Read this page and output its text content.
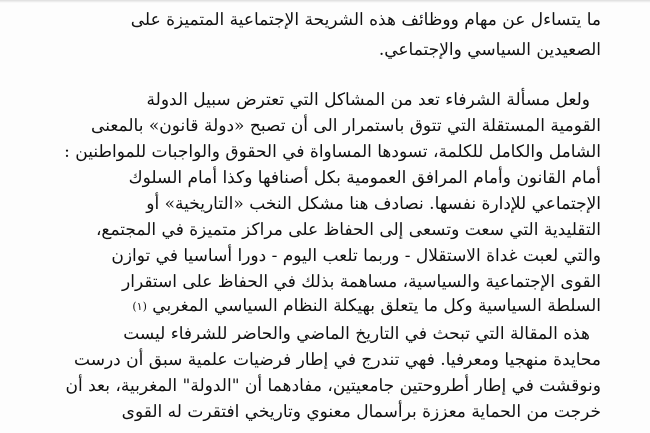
ما يتساءل عن مهام ووظائف هذه الشريحة الإجتماعية المتميزة على
الصعيدين السياسي والإجتماعي.
ولعل مسألة الشرفاء تعد من المشاكل التي تعترض سبيل الدولة
القومية المستقلة التي تتوق باستمرار الى أن تصبح «دولة قانون» بالمعنى
الشامل والكامل للكلمة، تسودها المساواة في الحقوق والواجبات للمواطنين :
أمام القانون وأمام المرافق العمومية بكل أصنافها وكذا أمام السلوك
الإجتماعي للإدارة نفسها. نصادف هنا مشكل النخب «التاريخية» أو
التقليدية التي سعت وتسعى إلى الحفاظ على مراكز متميزة في المجتمع،
والتي لعبت غداة الاستقلال - وربما تلعب اليوم - دورا أساسيا في توازن
القوى الإجتماعية والسياسية، مساهمة بذلك في الحفاظ على استقرار
السلطة السياسية وكل ما يتعلق بهيكلة النظام السياسي المغربي (١)
هذه المقالة التي تبحث في التاريخ الماضي والحاضر للشرفاء ليست
محايدة منهجيا ومعرفيا. فهي تندرج في إطار فرضيات علمية سبق أن درست
ونوقشت في إطار أطروحتين جامعيتين، مفادهما أن "الدولة" المغربية، بعد أن
خرجت من الحماية معززة برأسمال معنوي وتاريخي افتقرت له القوى
